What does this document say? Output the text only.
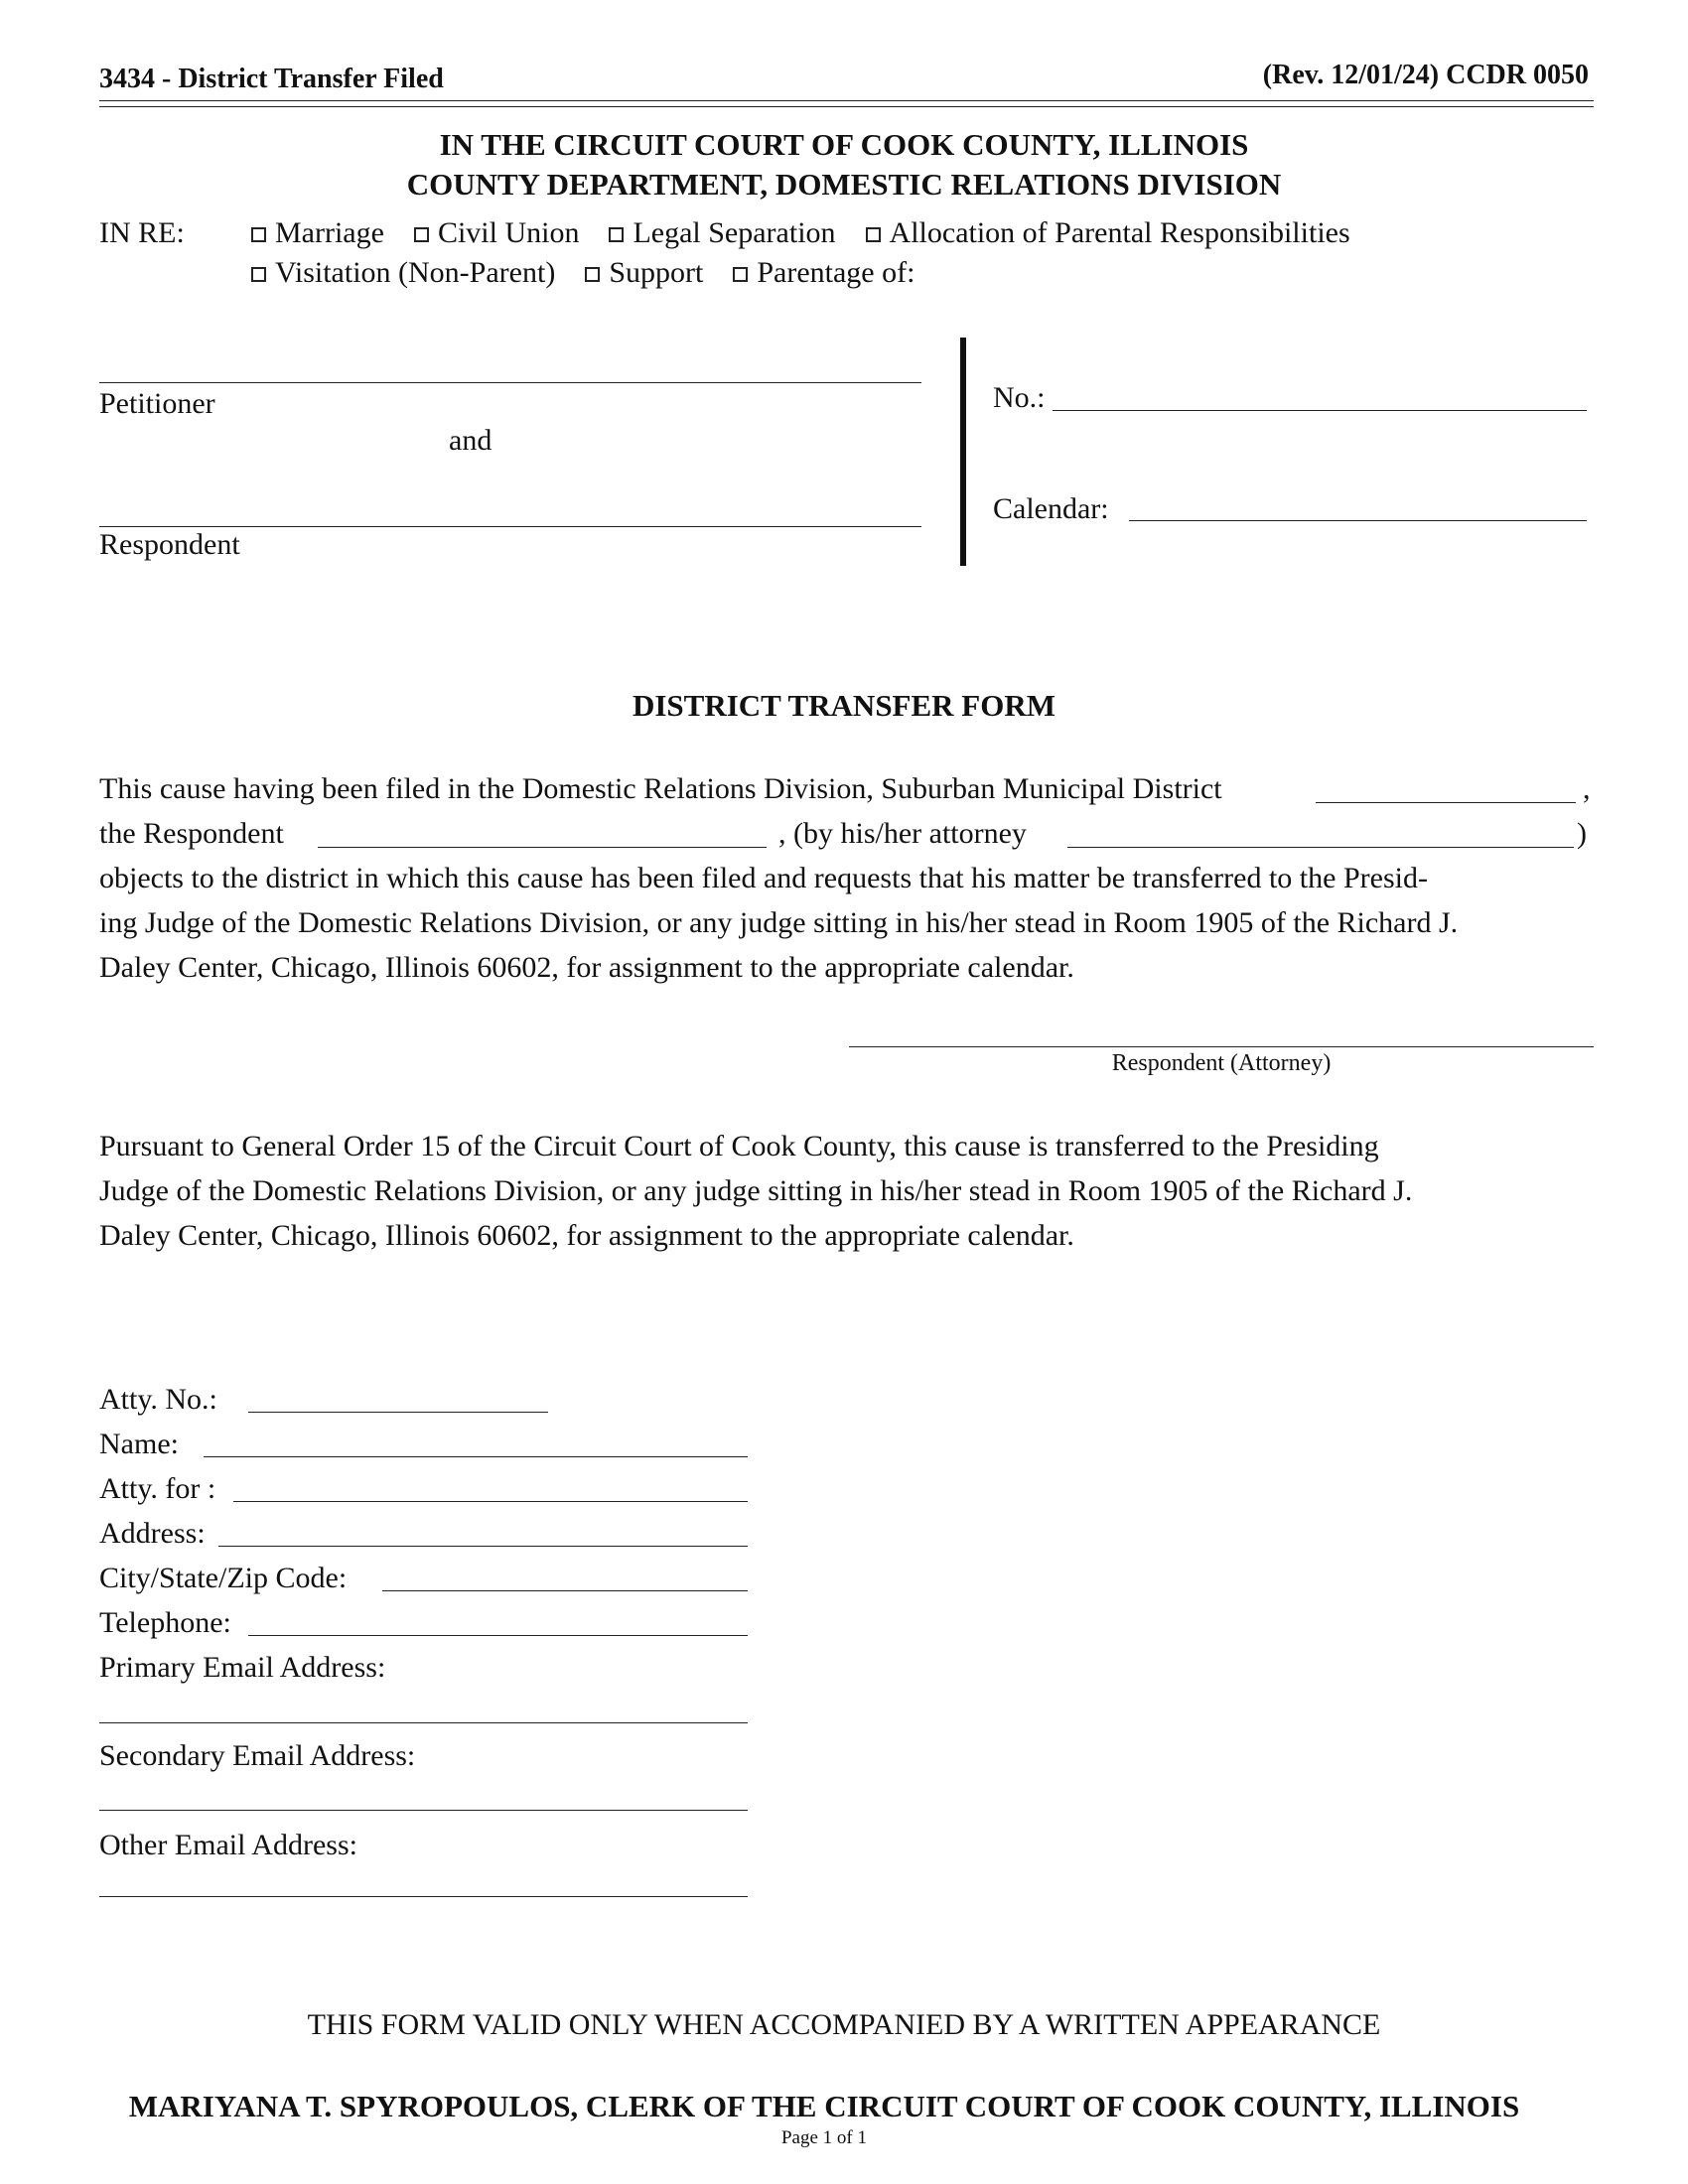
3434 - District Transfer Filed	(Rev. 12/01/24) CCDR 0050
IN THE CIRCUIT COURT OF COOK COUNTY, ILLINOIS
COUNTY DEPARTMENT, DOMESTIC RELATIONS DIVISION
IN RE:	Marriage Civil Union Legal Separation Allocation of Parental Responsibilities
Visitation (Non-Parent) Support Parentage of:
Petitioner
and
Respondent
No.:
Calendar:
DISTRICT TRANSFER FORM
This cause having been filed in the Domestic Relations Division, Suburban Municipal District	,
the Respondent	, (by his/her attorney	)
objects to the district in which this cause has been filed and requests that his matter be transferred to the Presid-
ing Judge of the Domestic Relations Division, or any judge sitting in his/her stead in Room 1905 of the Richard J.
Daley Center, Chicago, Illinois 60602, for assignment to the appropriate calendar.
Respondent (Attorney)
Pursuant to General Order 15 of the Circuit Court of Cook County, this cause is transferred to the Presiding
Judge of the Domestic Relations Division, or any judge sitting in his/her stead in Room 1905 of the Richard J.
Daley Center, Chicago, Illinois 60602, for assignment to the appropriate calendar.
Atty. No.:
Name:
Atty. for :
Address:
City/State/Zip Code:
Telephone:
Primary Email Address:
Secondary Email Address:
Other Email Address:
THIS FORM VALID ONLY WHEN ACCOMPANIED BY A WRITTEN APPEARANCE
MARIYANA T. SPYROPOULOS, CLERK OF THE CIRCUIT COURT OF COOK COUNTY, ILLINOIS
Page 1 of 1
